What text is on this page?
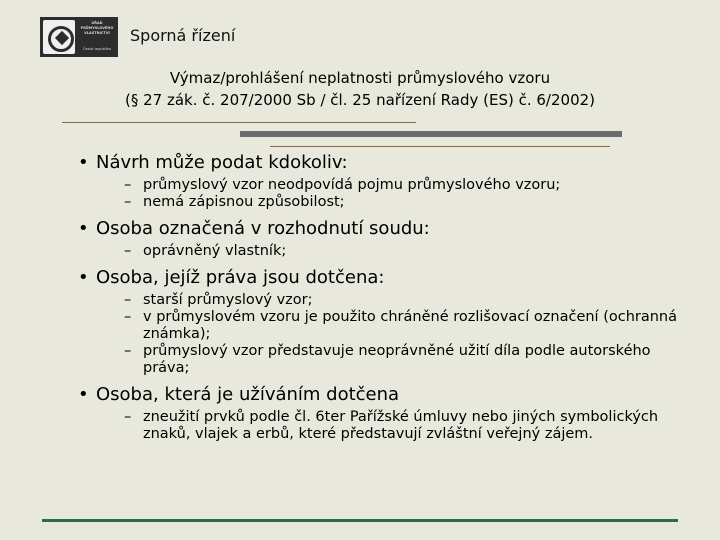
ÚŘAD PRŮMYSLOVÉHO VLASTNICTVÍ
Česká republika
Sporná řízení
Výmaz/prohlášení neplatnosti průmyslového vzoru
(§ 27 zák. č. 207/2000 Sb / čl. 25 nařízení Rady (ES) č. 6/2002)
• Návrh může podat kdokoliv:
– průmyslový vzor neodpovídá pojmu průmyslového vzoru;
– nemá zápisnou způsobilost;
• Osoba označená v rozhodnutí soudu:
– oprávněný vlastník;
• Osoba, jejíž práva jsou dotčena:
– starší průmyslový vzor;
– v průmyslovém vzoru je použito chráněné rozlišovací označení (ochranná známka);
– průmyslový vzor představuje neoprávněné užití díla podle autorského práva;
• Osoba, která je užíváním dotčena
– zneužití prvků podle čl. 6ter Pařížské úmluvy nebo jiných symbolických znaků, vlajek a erbů, které představují zvláštní veřejný zájem.
